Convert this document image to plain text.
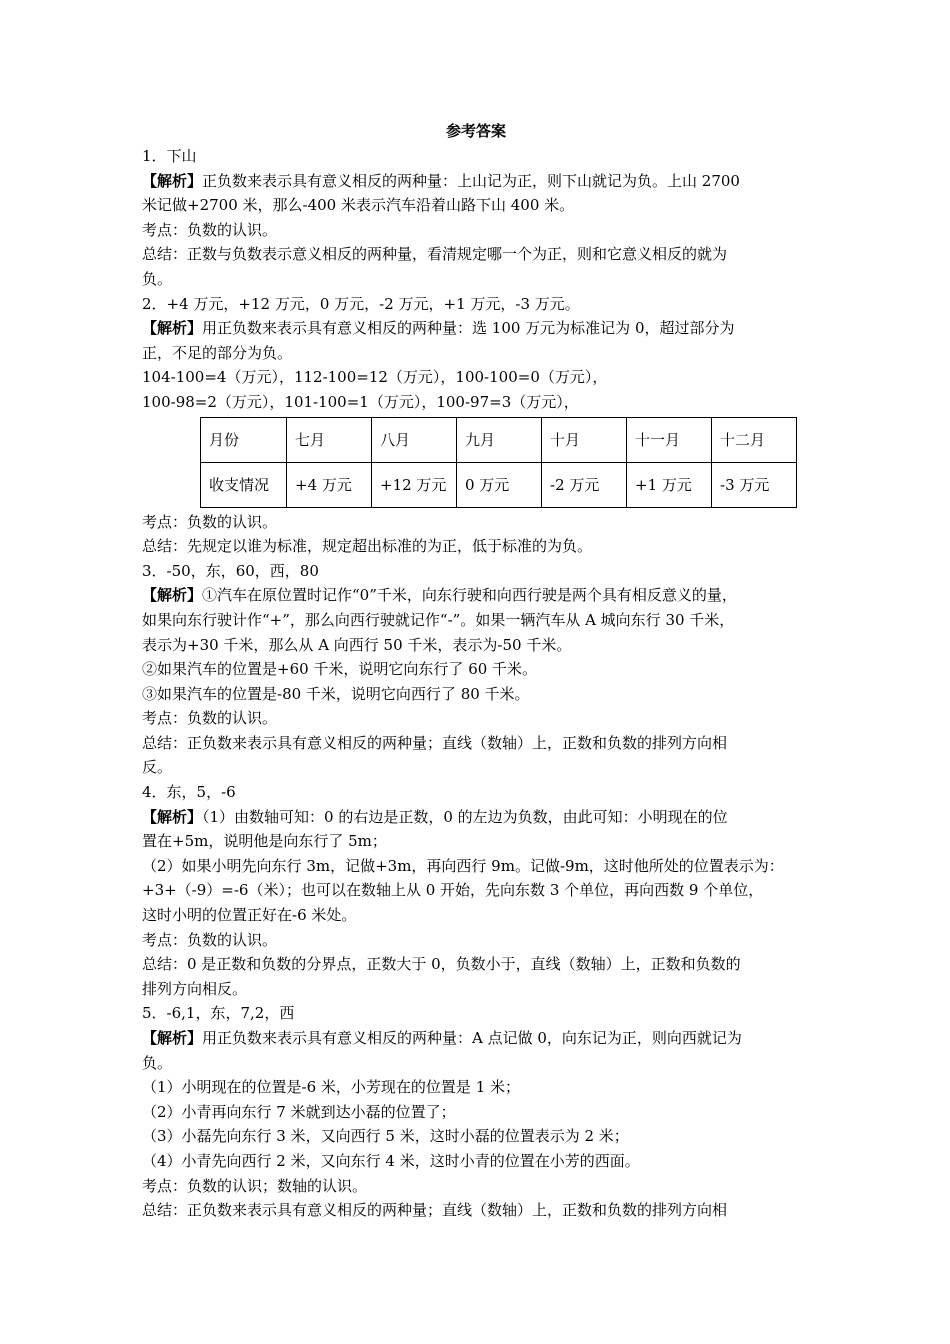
参考答案
1．下山
【解析】正负数来表示具有意义相反的两种量：上山记为正，则下山就记为负。上山 2700
米记做+2700 米，那么-400 米表示汽车沿着山路下山 400 米。
考点：负数的认识。
总结：正数与负数表示意义相反的两种量，看清规定哪一个为正，则和它意义相反的就为
负。
2．+4 万元，+12 万元，0 万元，-2 万元，+1 万元，-3 万元。
【解析】用正负数来表示具有意义相反的两种量：选 100 万元为标准记为 0，超过部分为
正，不足的部分为负。
104-100=4（万元），112-100=12（万元），100-100=0（万元），
100-98=2（万元），101-100=1（万元），100-97=3（万元），
月份	七月	八月	九月	十月	十一月	十二月
收支情况	+4 万元	+12 万元	0 万元	-2 万元	+1 万元	-3 万元
考点：负数的认识。
总结：先规定以谁为标准，规定超出标准的为正，低于标准的为负。
3．-50，东，60，西，80
【解析】①汽车在原位置时记作“0”千米，向东行驶和向西行驶是两个具有相反意义的量，
如果向东行驶计作“+”，那么向西行驶就记作“-”。如果一辆汽车从 A 城向东行 30 千米，
表示为+30 千米，那么从 A 向西行 50 千米，表示为-50 千米。
②如果汽车的位置是+60 千米，说明它向东行了 60 千米。
③如果汽车的位置是-80 千米，说明它向西行了 80 千米。
考点：负数的认识。
总结：正负数来表示具有意义相反的两种量；直线（数轴）上，正数和负数的排列方向相
反。
4．东，5，-6
【解析】（1）由数轴可知：0 的右边是正数，0 的左边为负数，由此可知：小明现在的位
置在+5m，说明他是向东行了 5m；
（2）如果小明先向东行 3m，记做+3m，再向西行 9m。记做-9m，这时他所处的位置表示为：
+3+（-9）=-6（米）；也可以在数轴上从 0 开始，先向东数 3 个单位，再向西数 9 个单位，
这时小明的位置正好在-6 米处。
考点：负数的认识。
总结：0 是正数和负数的分界点，正数大于 0，负数小于，直线（数轴）上，正数和负数的
排列方向相反。
5．-6,1，东，7,2，西
【解析】用正负数来表示具有意义相反的两种量：A 点记做 0，向东记为正，则向西就记为
负。
（1）小明现在的位置是-6 米，小芳现在的位置是 1 米；
（2）小青再向东行 7 米就到达小磊的位置了；
（3）小磊先向东行 3 米，又向西行 5 米，这时小磊的位置表示为 2 米；
（4）小青先向西行 2 米，又向东行 4 米，这时小青的位置在小芳的西面。
考点：负数的认识；数轴的认识。
总结：正负数来表示具有意义相反的两种量；直线（数轴）上，正数和负数的排列方向相
